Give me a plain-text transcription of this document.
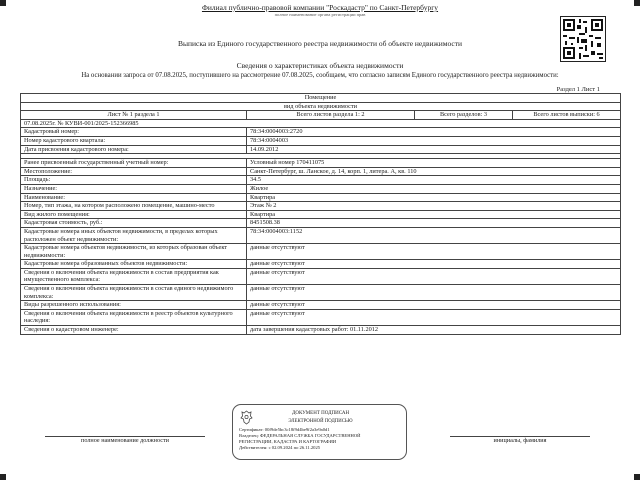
Филиал публично-правовой компании "Роскадастр" по Санкт-Петербургу
полное наименование органа регистрации прав
Выписка из Единого государственного реестра недвижимости об объекте недвижимости
Сведения о характеристиках объекта недвижимости
На основании запроса от 07.08.2025, поступившего на рассмотрение 07.08.2025, сообщаем, что согласно записям Единого государственного реестра недвижимости:
Раздел 1 Лист 1
Помещение			
вид объекта недвижимости			
Лист № 1 раздела 1	Всего листов раздела 1: 2	Всего разделов: 3	Всего листов выписки: 6
07.08.2025г. № КУВИ-001/2025-152366985			
Кадастровый номер:	78:34:0004003:2720		
Номер кадастрового квартала:	78:34:0004003		
Дата присвоения кадастрового номера:	14.09.2012		

Ранее присвоенный государственный учетный номер:	Условный номер 170411075		
Местоположение:	Санкт-Петербург, ш. Ланское, д. 14, корп. 1, литера. А, кв. 110		
Площадь:	34.5		
Назначение:	Жилое		
Наименование:	Квартира		
Номер, тип этажа, на котором расположено помещение, машино-место	Этаж № 2		
Вид жилого помещения:	Квартира		
Кадастровая стоимость, руб.:	8451508.38		
Кадастровые номера иных объектов недвижимости, в пределах которых расположен объект недвижимости:	78:34:0004003:1152		
Кадастровые номера объектов недвижимости, из которых образован объект недвижимости:	данные отсутствуют		
Кадастровые номера образованных объектов недвижимости:	данные отсутствуют		
Сведения о включении объекта недвижимости в состав предприятия как имущественного комплекса:	данные отсутствуют		
Сведения о включении объекта недвижимости в состав единого недвижимого комплекса:	данные отсутствуют		
Виды разрешенного использования:	данные отсутствуют		
Сведения о включении объекта недвижимости в реестр объектов культурного наследия:	данные отсутствуют		
Сведения о кадастровом инженере:	дата завершения кадастровых работ: 01.11.2012		
полное наименование должности	инициалы, фамилия
ДОКУМЕНТ ПОДПИСАН
ЭЛЕКТРОННОЙ ПОДПИСЬЮ
Сертификат: 00f9de5bc3c18f9d4be9f2a3e9a0d1
Владелец: ФЕДЕРАЛЬНАЯ СЛУЖБА ГОСУДАРСТВЕННОЙ
РЕГИСТРАЦИИ, КАДАСТРА И КАРТОГРАФИИ
Действителен: с 02.09.2024 по 26.11.2025
